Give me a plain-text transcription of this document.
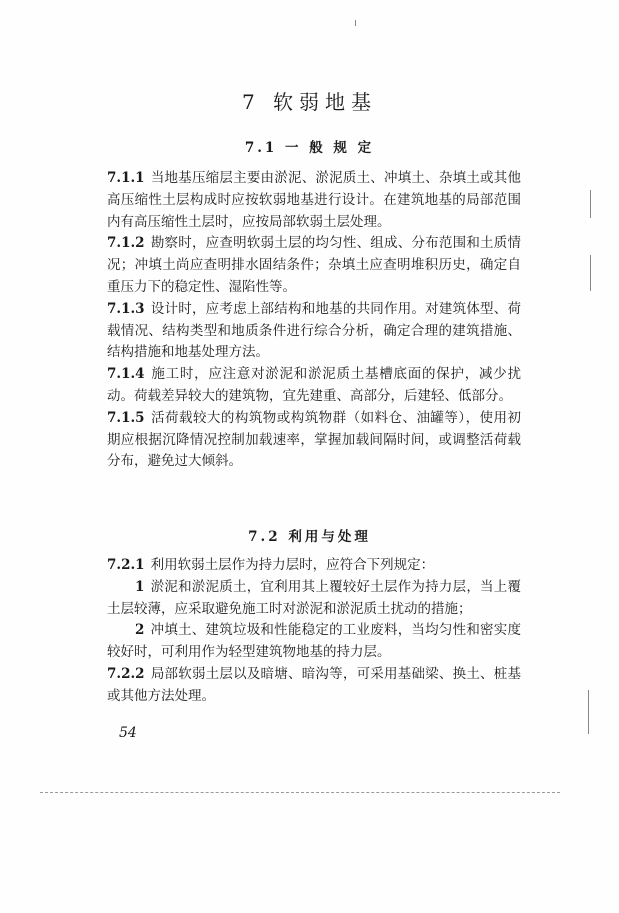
7 软弱地基
7.1 一 般 规 定

7.1.1 当地基压缩层主要由淤泥、淤泥质土、冲填土、杂填土或其他高压缩性土层构成时应按软弱地基进行设计。在建筑地基的局部范围内有高压缩性土层时，应按局部软弱土层处理。

7.1.2 勘察时，应查明软弱土层的均匀性、组成、分布范围和土质情况；冲填土尚应查明排水固结条件；杂填土应查明堆积历史，确定自重压力下的稳定性、湿陷性等。

7.1.3 设计时，应考虑上部结构和地基的共同作用。对建筑体型、荷载情况、结构类型和地质条件进行综合分析，确定合理的建筑措施、结构措施和地基处理方法。

7.1.4 施工时，应注意对淤泥和淤泥质土基槽底面的保护，减少扰动。荷载差异较大的建筑物，宜先建重、高部分，后建轻、低部分。

7.1.5 活荷载较大的构筑物或构筑物群（如料仓、油罐等），使用初期应根据沉降情况控制加载速率，掌握加载间隔时间，或调整活荷载分布，避免过大倾斜。

7.2 利用与处理

7.2.1 利用软弱土层作为持力层时，应符合下列规定：

1 淤泥和淤泥质土，宜利用其上覆较好土层作为持力层，当上覆土层较薄，应采取避免施工时对淤泥和淤泥质土扰动的措施；

2 冲填土、建筑垃圾和性能稳定的工业废料，当均匀性和密实度较好时，可利用作为轻型建筑物地基的持力层。

7.2.2 局部软弱土层以及暗塘、暗沟等，可采用基础梁、换土、桩基或其他方法处理。

54
